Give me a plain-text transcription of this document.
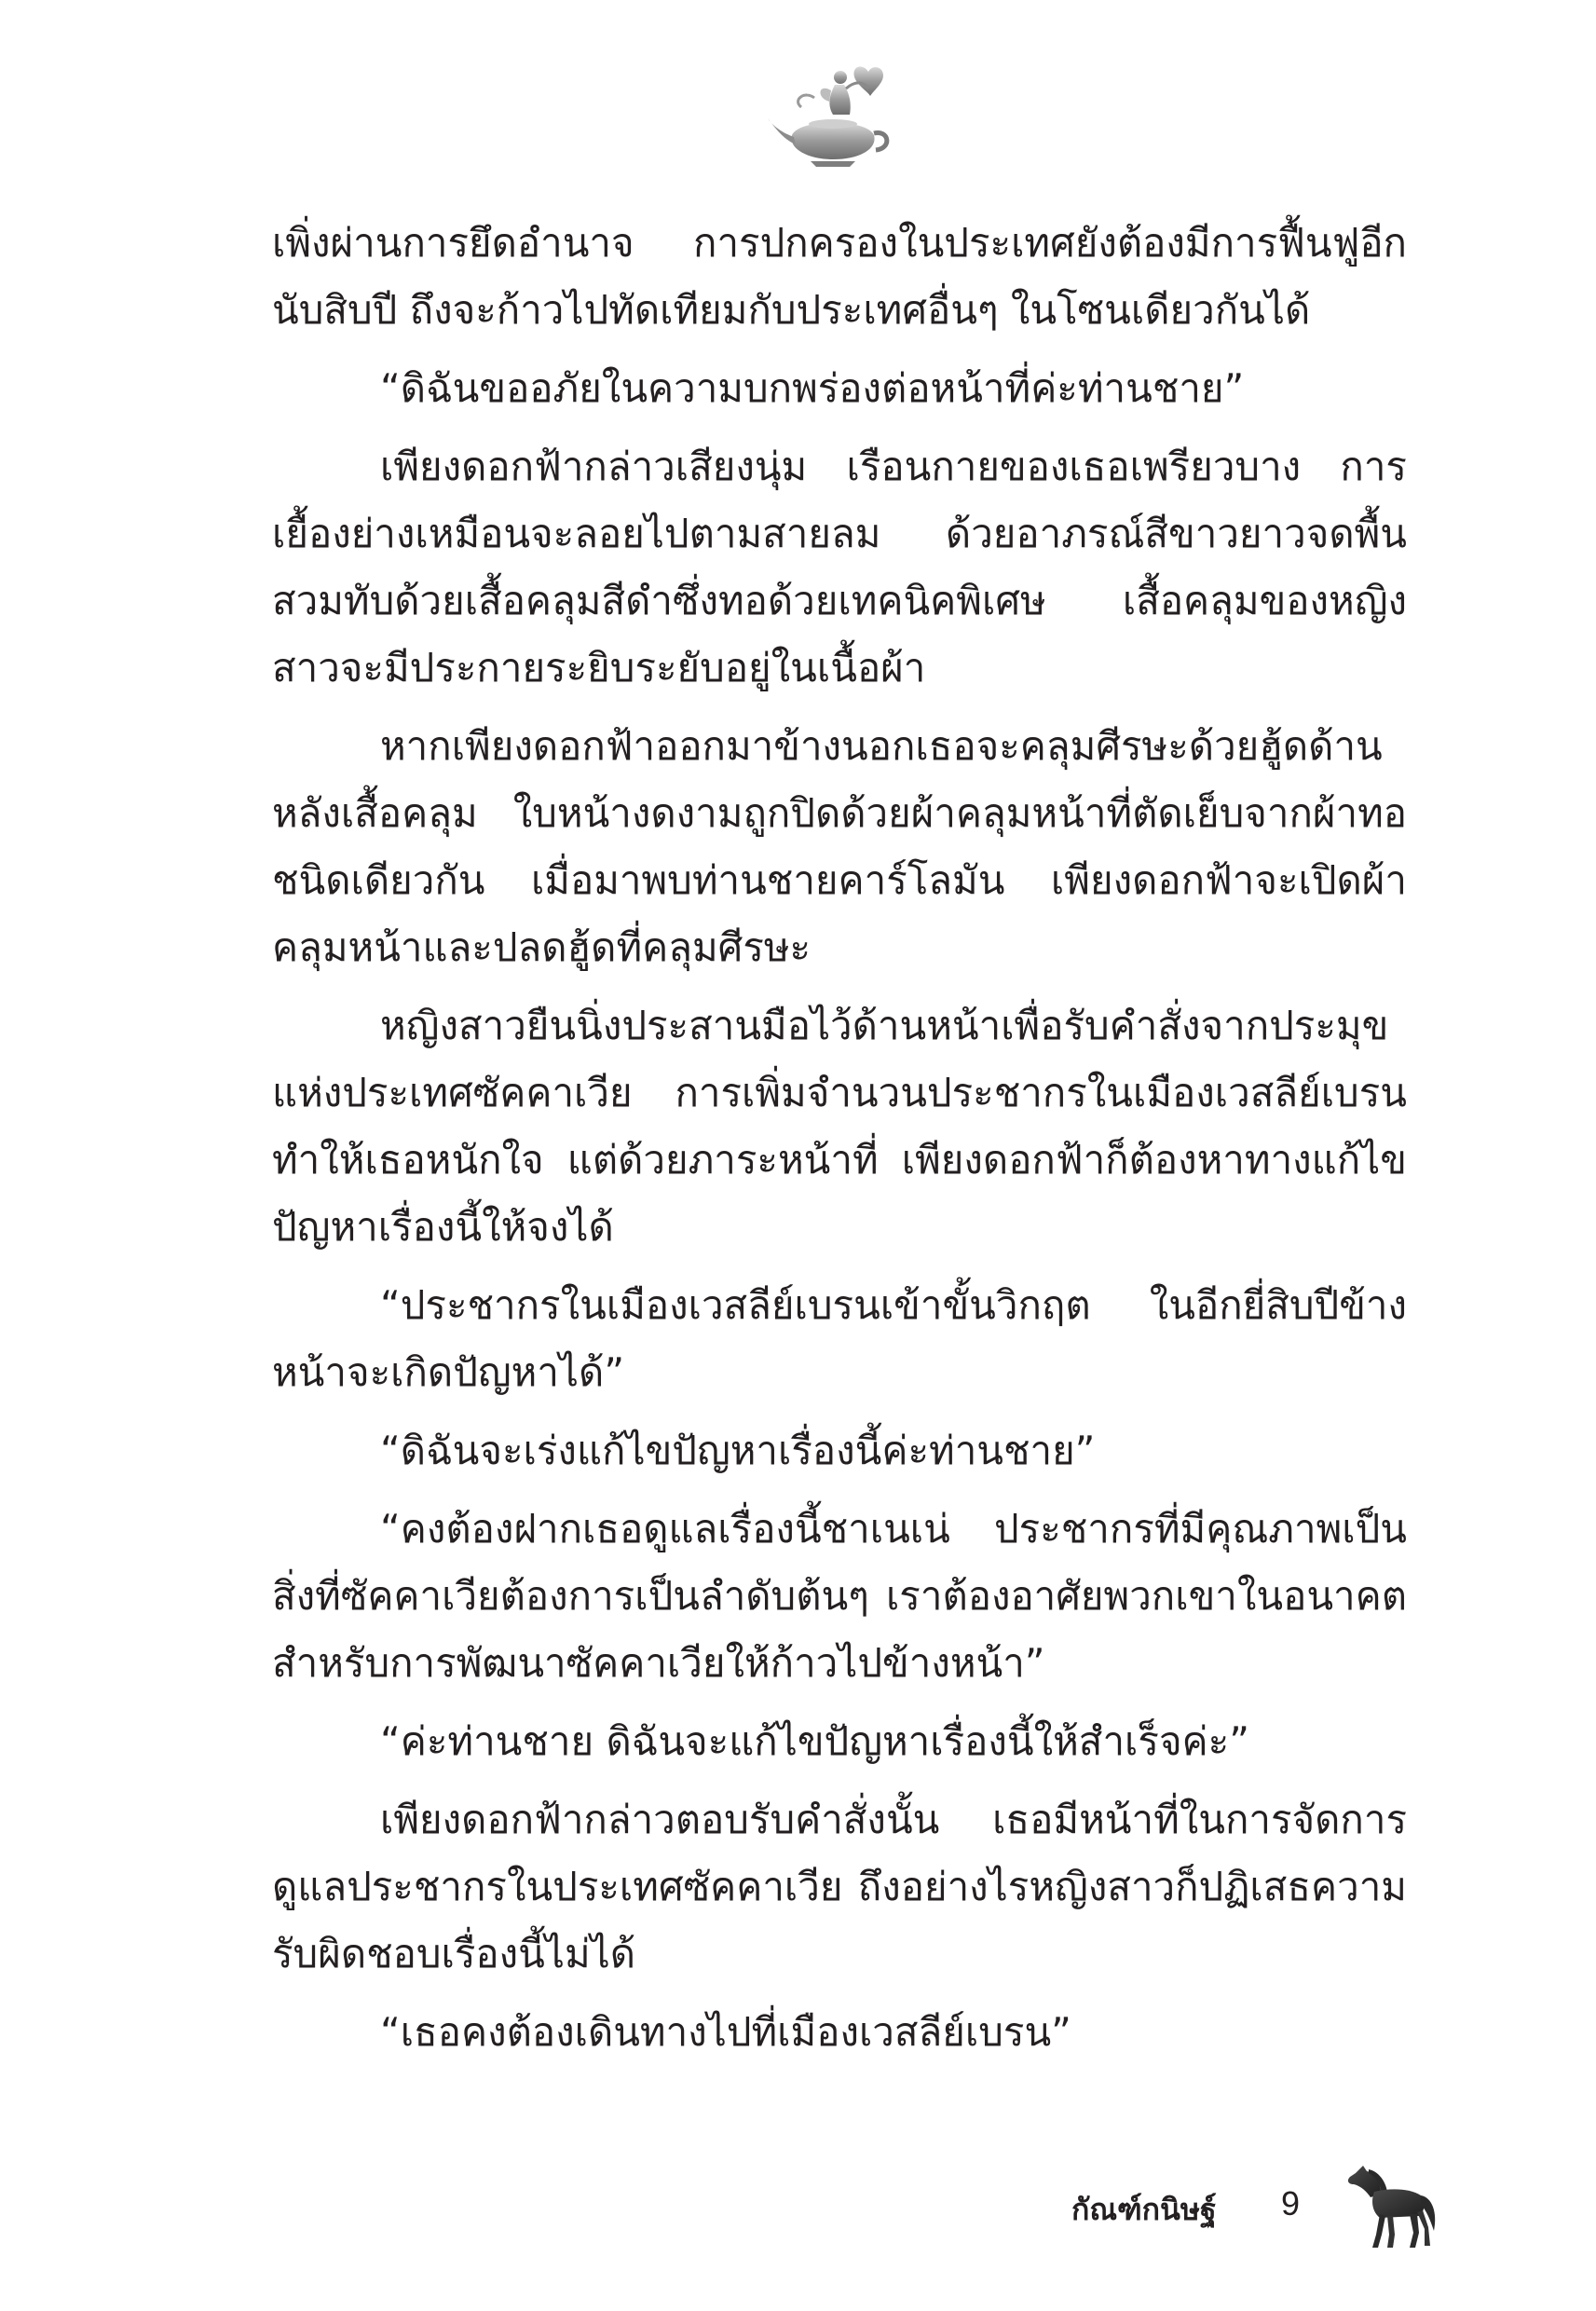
เพิ่งผ่านการยึดอำนาจ การปกครองในประเทศยังต้องมีการฟื้นฟูอีกนับสิบปี ถึงจะก้าวไปทัดเทียมกับประเทศอื่นๆ ในโซนเดียวกันได้

“ดิฉันขออภัยในความบกพร่องต่อหน้าที่ค่ะท่านชาย”

เพียงดอกฟ้ากล่าวเสียงนุ่ม เรือนกายของเธอเพรียวบาง การเยื้องย่างเหมือนจะลอยไปตามสายลม ด้วยอาภรณ์สีขาวยาวจดพื้น สวมทับด้วยเสื้อคลุมสีดำซึ่งทอด้วยเทคนิคพิเศษ เสื้อคลุมของหญิงสาวจะมีประกายระยิบระยับอยู่ในเนื้อผ้า

หากเพียงดอกฟ้าออกมาข้างนอกเธอจะคลุมศีรษะด้วยฮู้ดด้านหลังเสื้อคลุม ใบหน้างดงามถูกปิดด้วยผ้าคลุมหน้าที่ตัดเย็บจากผ้าทอชนิดเดียวกัน เมื่อมาพบท่านชายคาร์โลมัน เพียงดอกฟ้าจะเปิดผ้าคลุมหน้าและปลดฮู้ดที่คลุมศีรษะ

หญิงสาวยืนนิ่งประสานมือไว้ด้านหน้าเพื่อรับคำสั่งจากประมุขแห่งประเทศซัคคาเวีย การเพิ่มจำนวนประชากรในเมืองเวสลีย์เบรนทำให้เธอหนักใจ แต่ด้วยภาระหน้าที่ เพียงดอกฟ้าก็ต้องหาทางแก้ไขปัญหาเรื่องนี้ให้จงได้

“ประชากรในเมืองเวสลีย์เบรนเข้าขั้นวิกฤต ในอีกยี่สิบปีข้างหน้าจะเกิดปัญหาได้”

“ดิฉันจะเร่งแก้ไขปัญหาเรื่องนี้ค่ะท่านชาย”

“คงต้องฝากเธอดูแลเรื่องนี้ชาเนเน่ ประชากรที่มีคุณภาพเป็นสิ่งที่ซัคคาเวียต้องการเป็นลำดับต้นๆ เราต้องอาศัยพวกเขาในอนาคตสำหรับการพัฒนาซัคคาเวียให้ก้าวไปข้างหน้า”

“ค่ะท่านชาย ดิฉันจะแก้ไขปัญหาเรื่องนี้ให้สำเร็จค่ะ”

เพียงดอกฟ้ากล่าวตอบรับคำสั่งนั้น เธอมีหน้าที่ในการจัดการดูแลประชากรในประเทศซัคคาเวีย ถึงอย่างไรหญิงสาวก็ปฏิเสธความรับผิดชอบเรื่องนี้ไม่ได้

“เธอคงต้องเดินทางไปที่เมืองเวสลีย์เบรน”

กัณฑ์กนิษฐ์ 9
